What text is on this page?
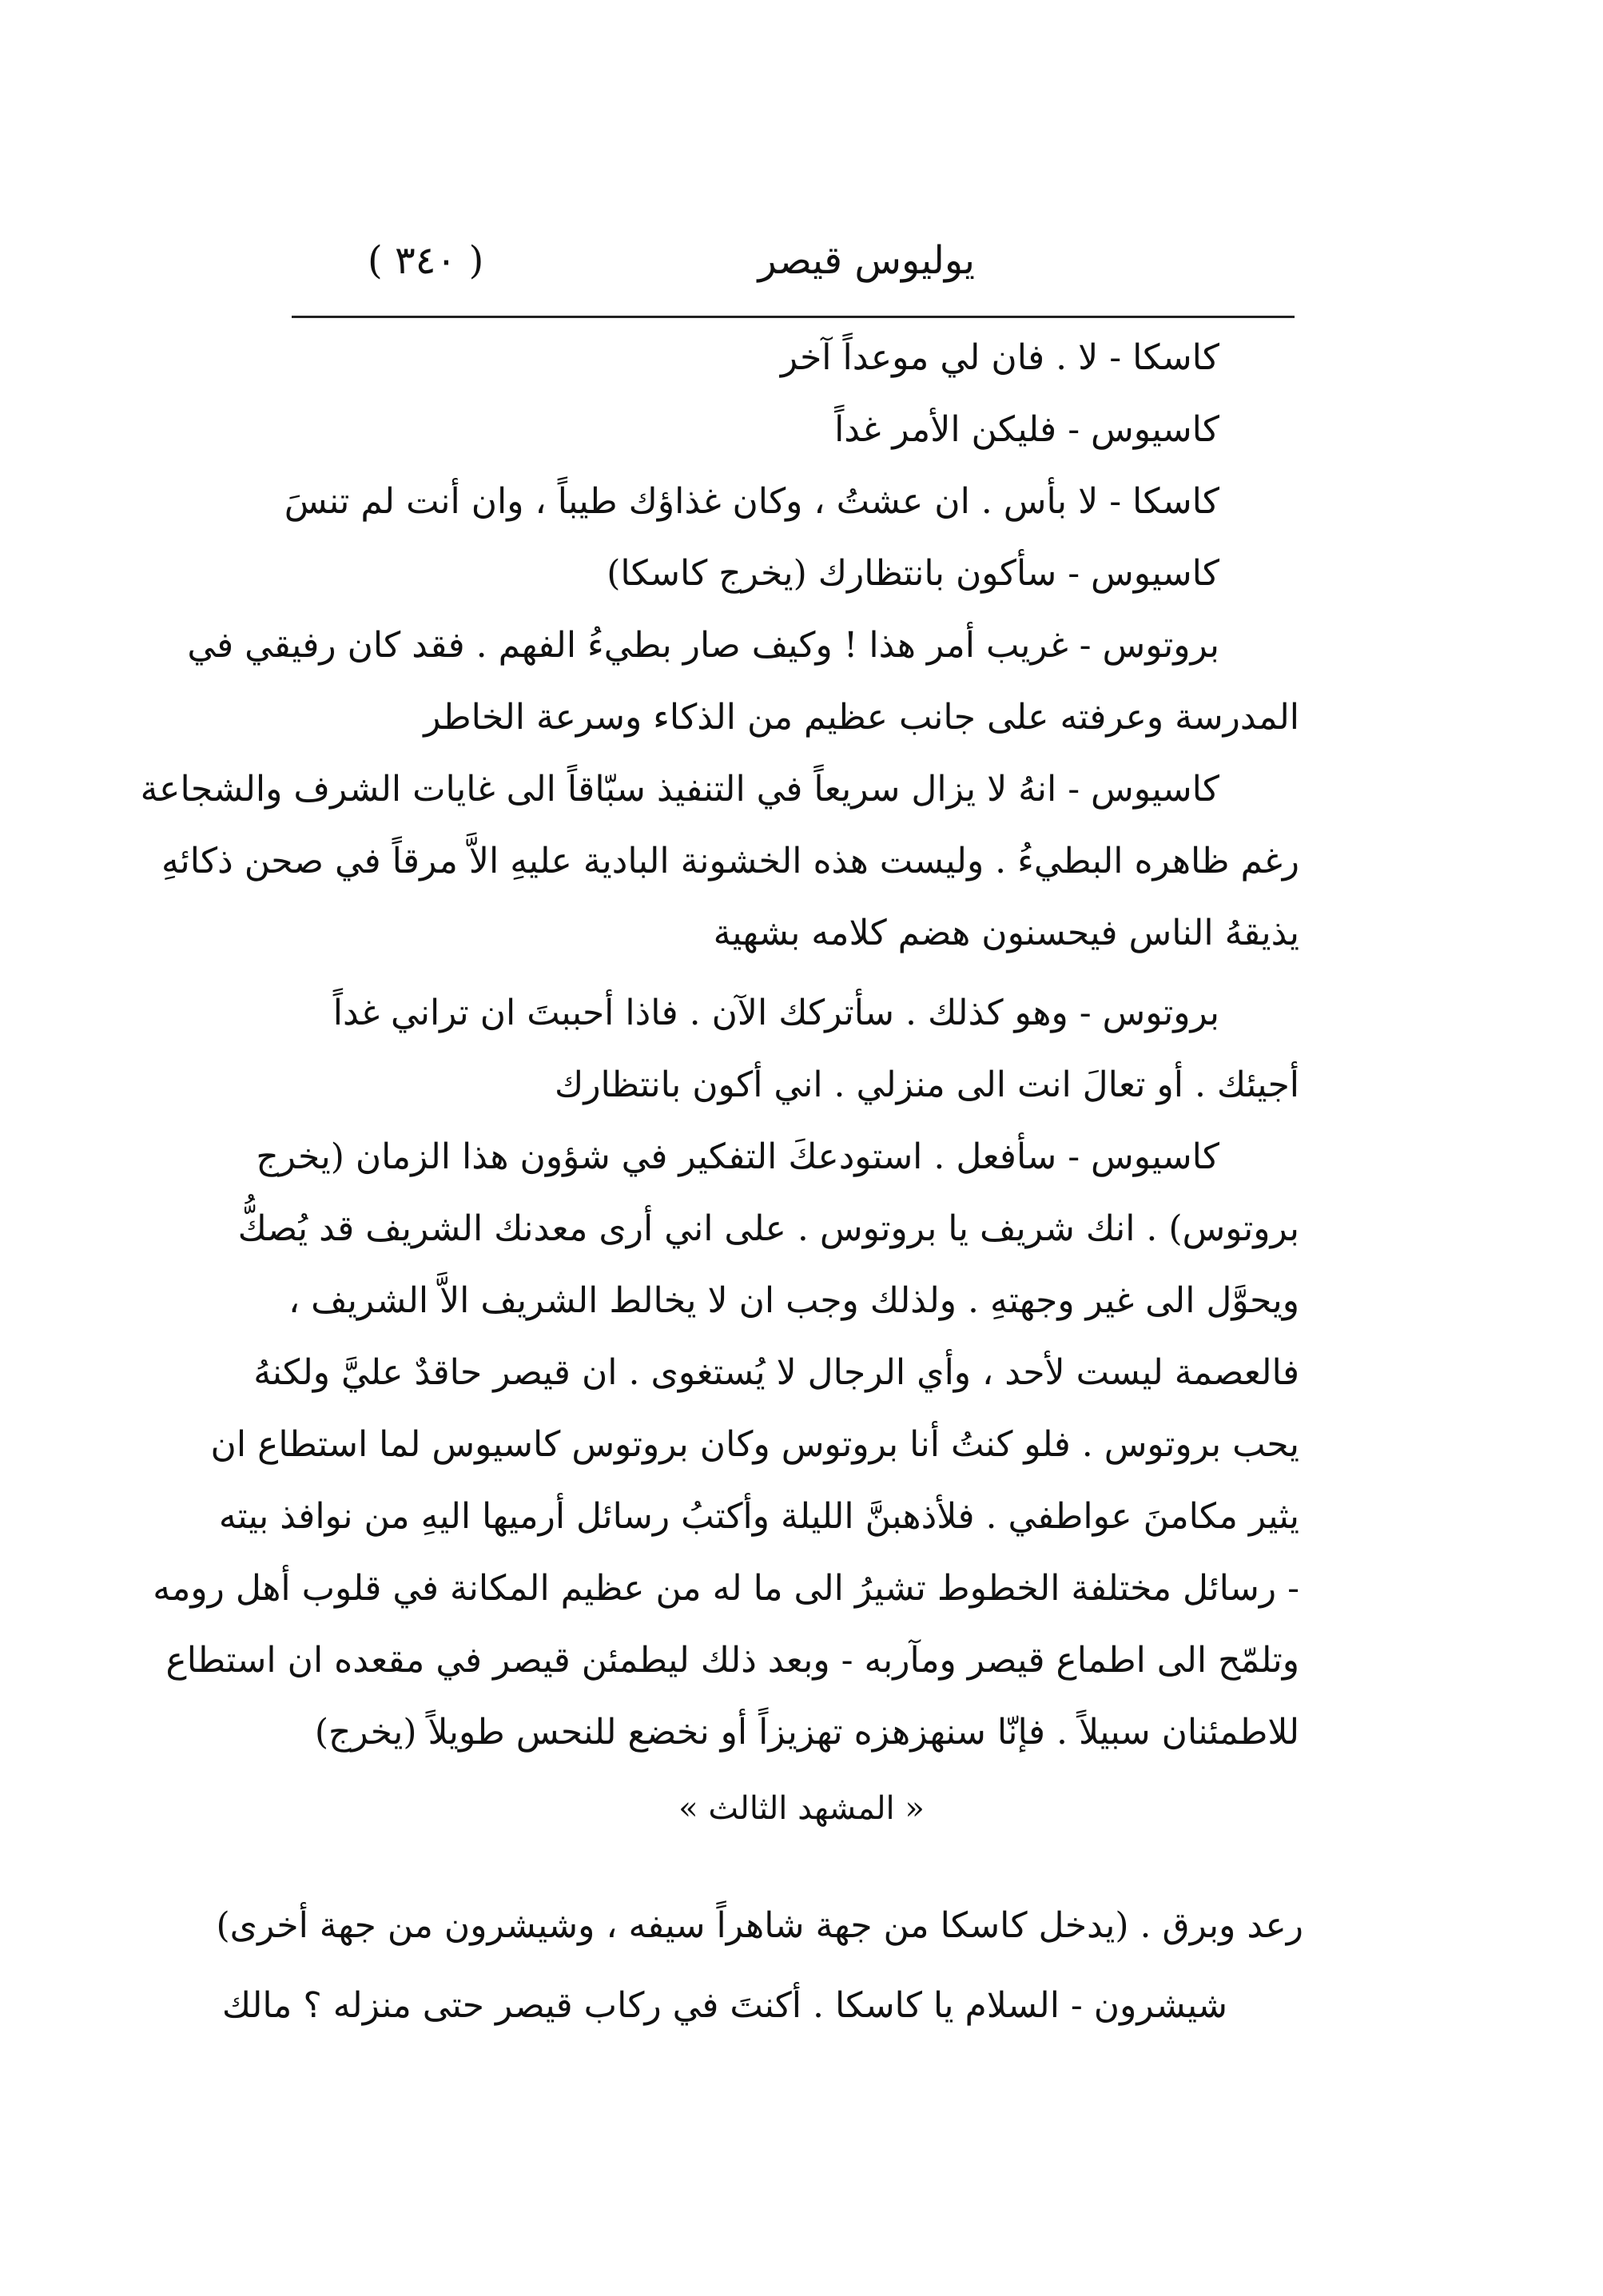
يوليوس قيصر
( ٣٤٠ )
كاسكا - لا . فان لي موعداً آخر
كاسيوس - فليكن الأمر غداً
كاسكا - لا بأس . ان عشتُ ، وكان غذاؤك طيباً ، وان أنت لم تنسَ
كاسيوس - سأكون بانتظارك (يخرج كاسكا)
بروتوس - غريب أمر هذا ! وكيف صار بطيءُ الفهم . فقد كان رفيقي في
المدرسة وعرفته على جانب عظيم من الذكاء وسرعة الخاطر
كاسيوس - انهُ لا يزال سريعاً في التنفيذ سبّاقاً الى غايات الشرف والشجاعة
رغم ظاهره البطيءُ . وليست هذه الخشونة البادية عليهِ الاَّ مرقاً في صحن ذكائهِ
يذيقهُ الناس فيحسنون هضم كلامه بشهية
بروتوس - وهو كذلك . سأتركك الآن . فاذا أحببتَ ان تراني غداً
أجيئك . أو تعالَ انت الى منزلي . اني أكون بانتظارك
كاسيوس - سأفعل . استودعكَ التفكير في شؤون هذا الزمان (يخرج
بروتوس) . انك شريف يا بروتوس . على اني أرى معدنك الشريف قد يُصكُّ
ويحوَّل الى غير وجهتهِ . ولذلك وجب ان لا يخالط الشريف الاَّ الشريف ،
فالعصمة ليست لأحد ، وأي الرجال لا يُستغوى . ان قيصر حاقدٌ عليَّ ولكنهُ
يحب بروتوس . فلو كنتُ أنا بروتوس وكان بروتوس كاسيوس لما استطاع ان
يثير مكامنَ عواطفي . فلأذهبنَّ الليلة وأكتبُ رسائل أرميها اليهِ من نوافذ بيته
- رسائل مختلفة الخطوط تشيرُ الى ما له من عظيم المكانة في قلوب أهل رومه
وتلمّح الى اطماع قيصر ومآربه - وبعد ذلك ليطمئن قيصر في مقعده ان استطاع
للاطمئنان سبيلاً . فإنّا سنهزهزه تهزيزاً أو نخضع للنحس طويلاً (يخرج)
« المشهد الثالث »
رعد وبرق . (يدخل كاسكا من جهة شاهراً سيفه ، وشيشرون من جهة أخرى)
شيشرون - السلام يا كاسكا . أكنتَ في ركاب قيصر حتى منزله ؟ مالك
